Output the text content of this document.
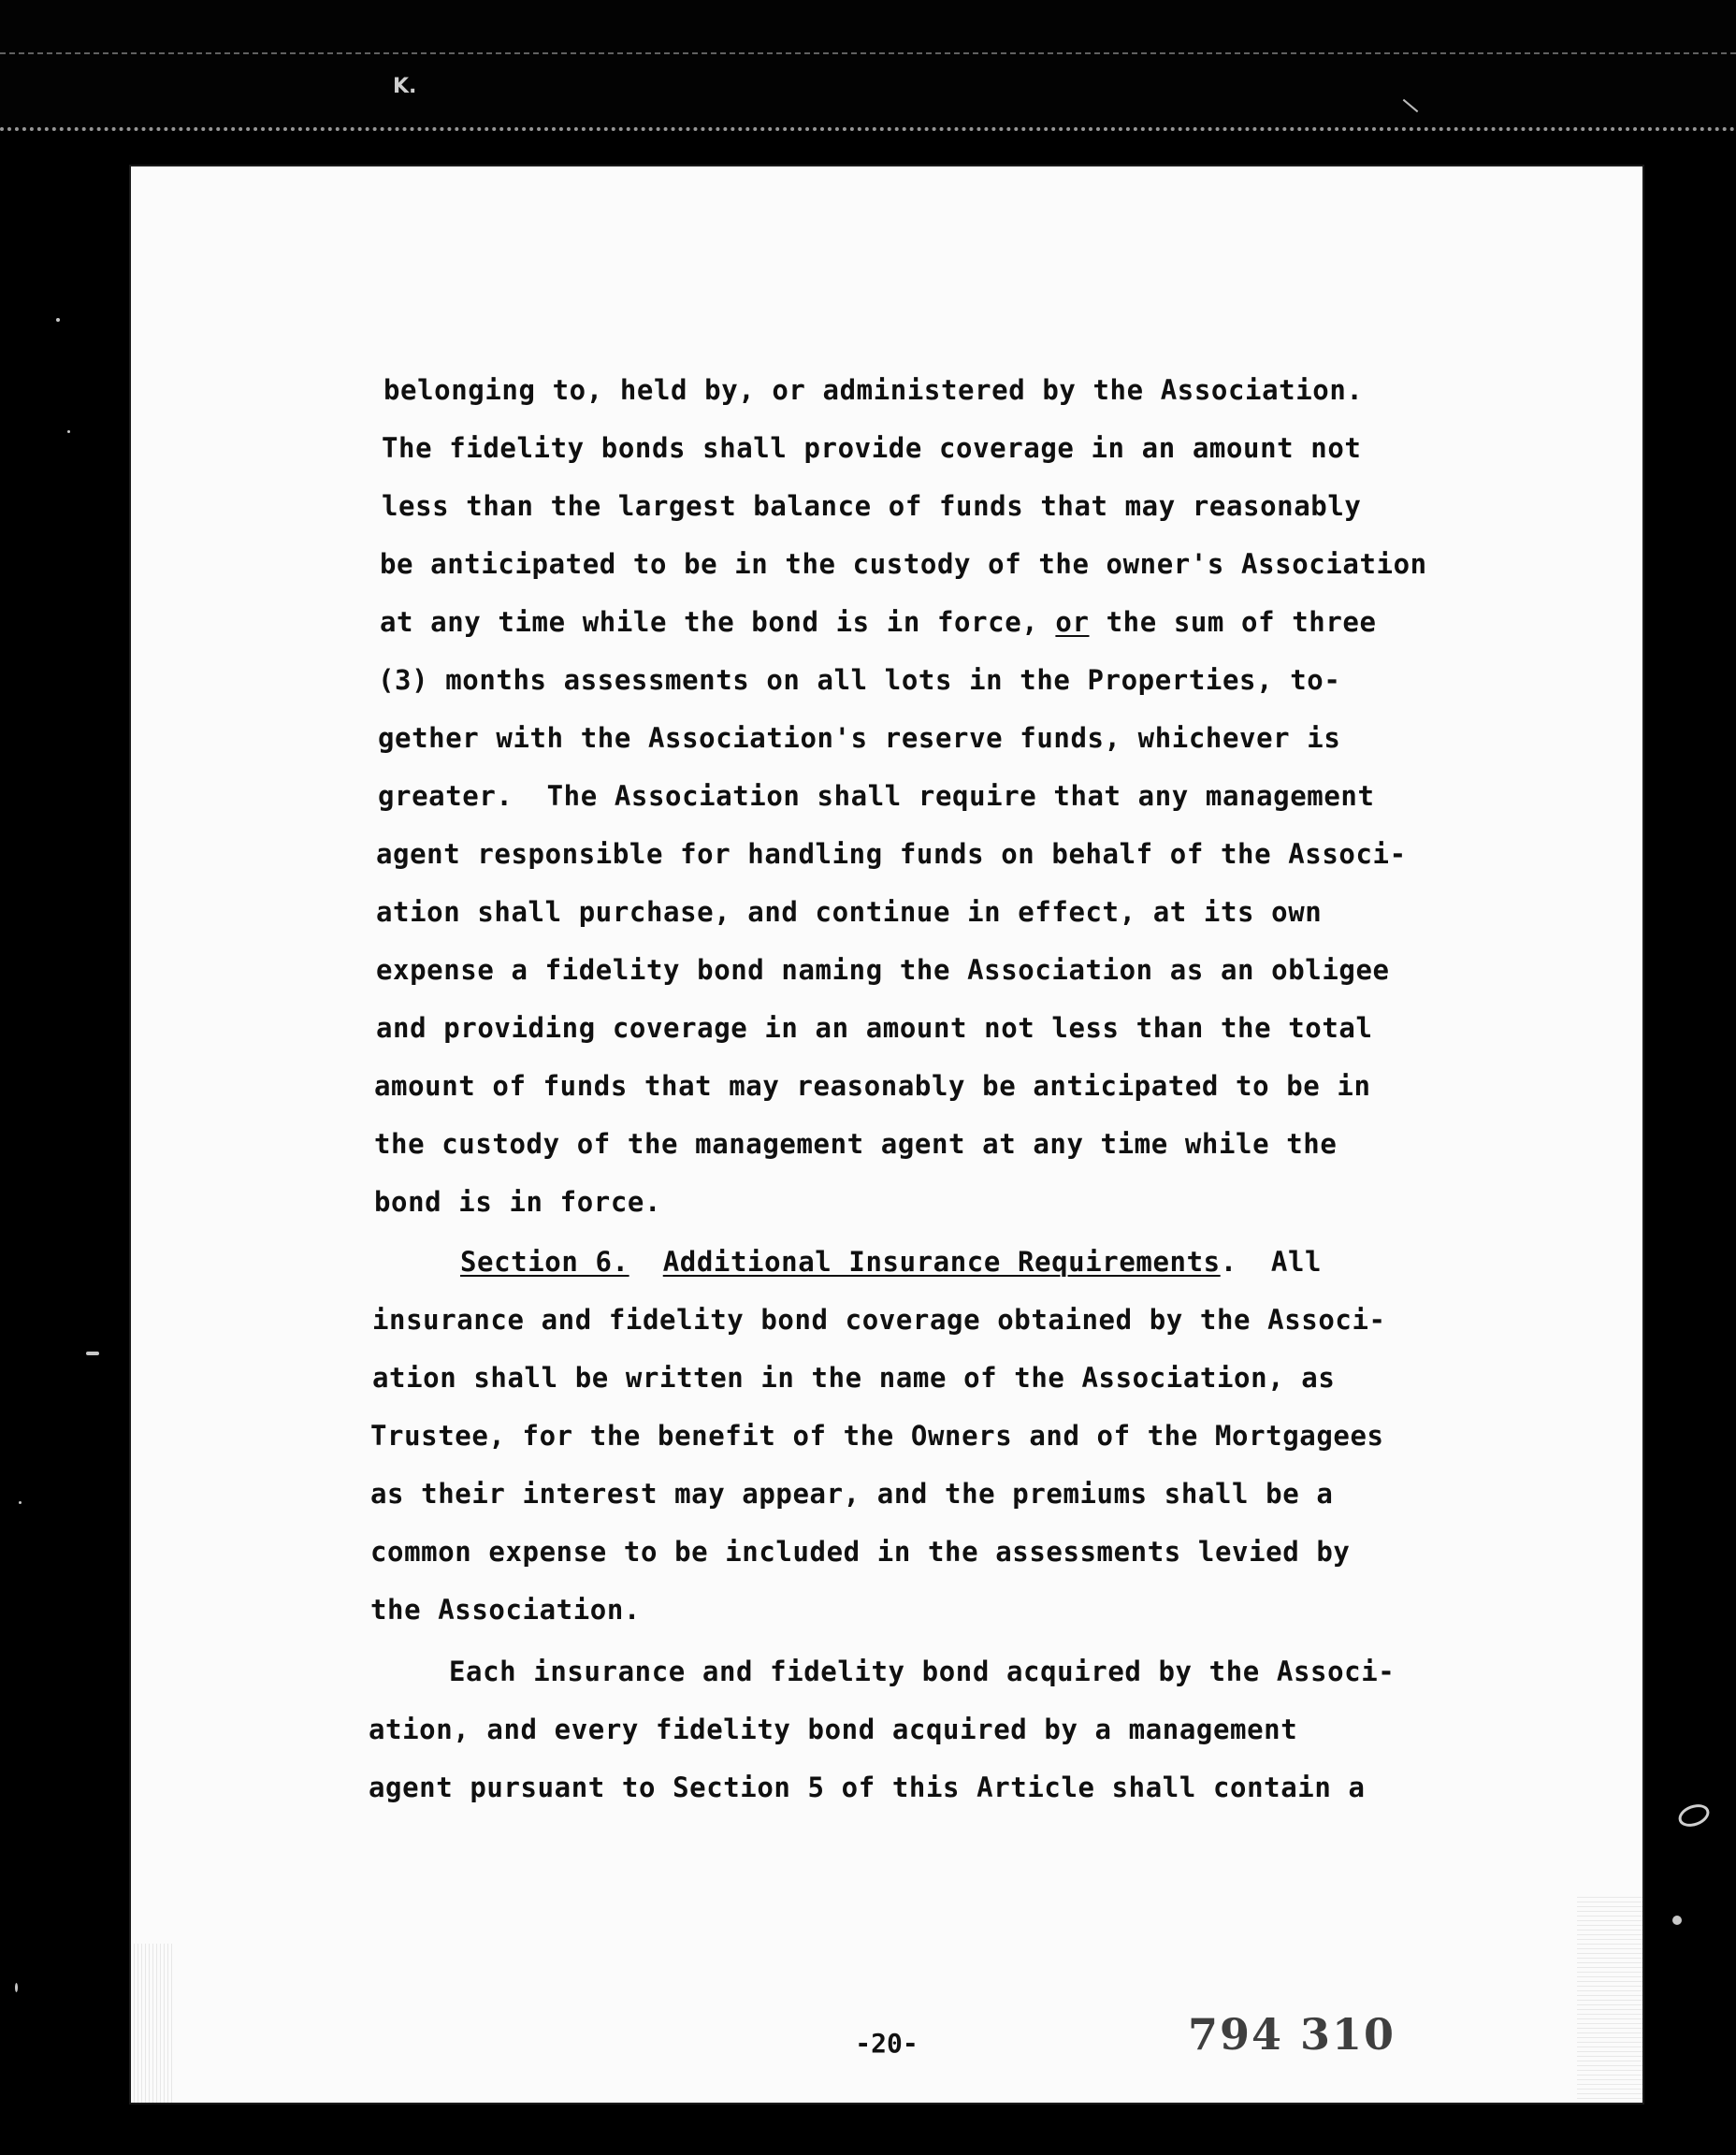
K.
belonging to, held by, or administered by the Association.
The fidelity bonds shall provide coverage in an amount not
less than the largest balance of funds that may reasonably
be anticipated to be in the custody of the owner's Association
at any time while the bond is in force, or the sum of three
(3) months assessments on all lots in the Properties, to-
gether with the Association's reserve funds, whichever is
greater.  The Association shall require that any management
agent responsible for handling funds on behalf of the Associ-
ation shall purchase, and continue in effect, at its own
expense a fidelity bond naming the Association as an obligee
and providing coverage in an amount not less than the total
amount of funds that may reasonably be anticipated to be in
the custody of the management agent at any time while the
bond is in force.
Section 6. Additional Insurance Requirements.  All
insurance and fidelity bond coverage obtained by the Associ-
ation shall be written in the name of the Association, as
Trustee, for the benefit of the Owners and of the Mortgagees
as their interest may appear, and the premiums shall be a
common expense to be included in the assessments levied by
the Association.
Each insurance and fidelity bond acquired by the Associ-
ation, and every fidelity bond acquired by a management
agent pursuant to Section 5 of this Article shall contain a
794 310
-20-
